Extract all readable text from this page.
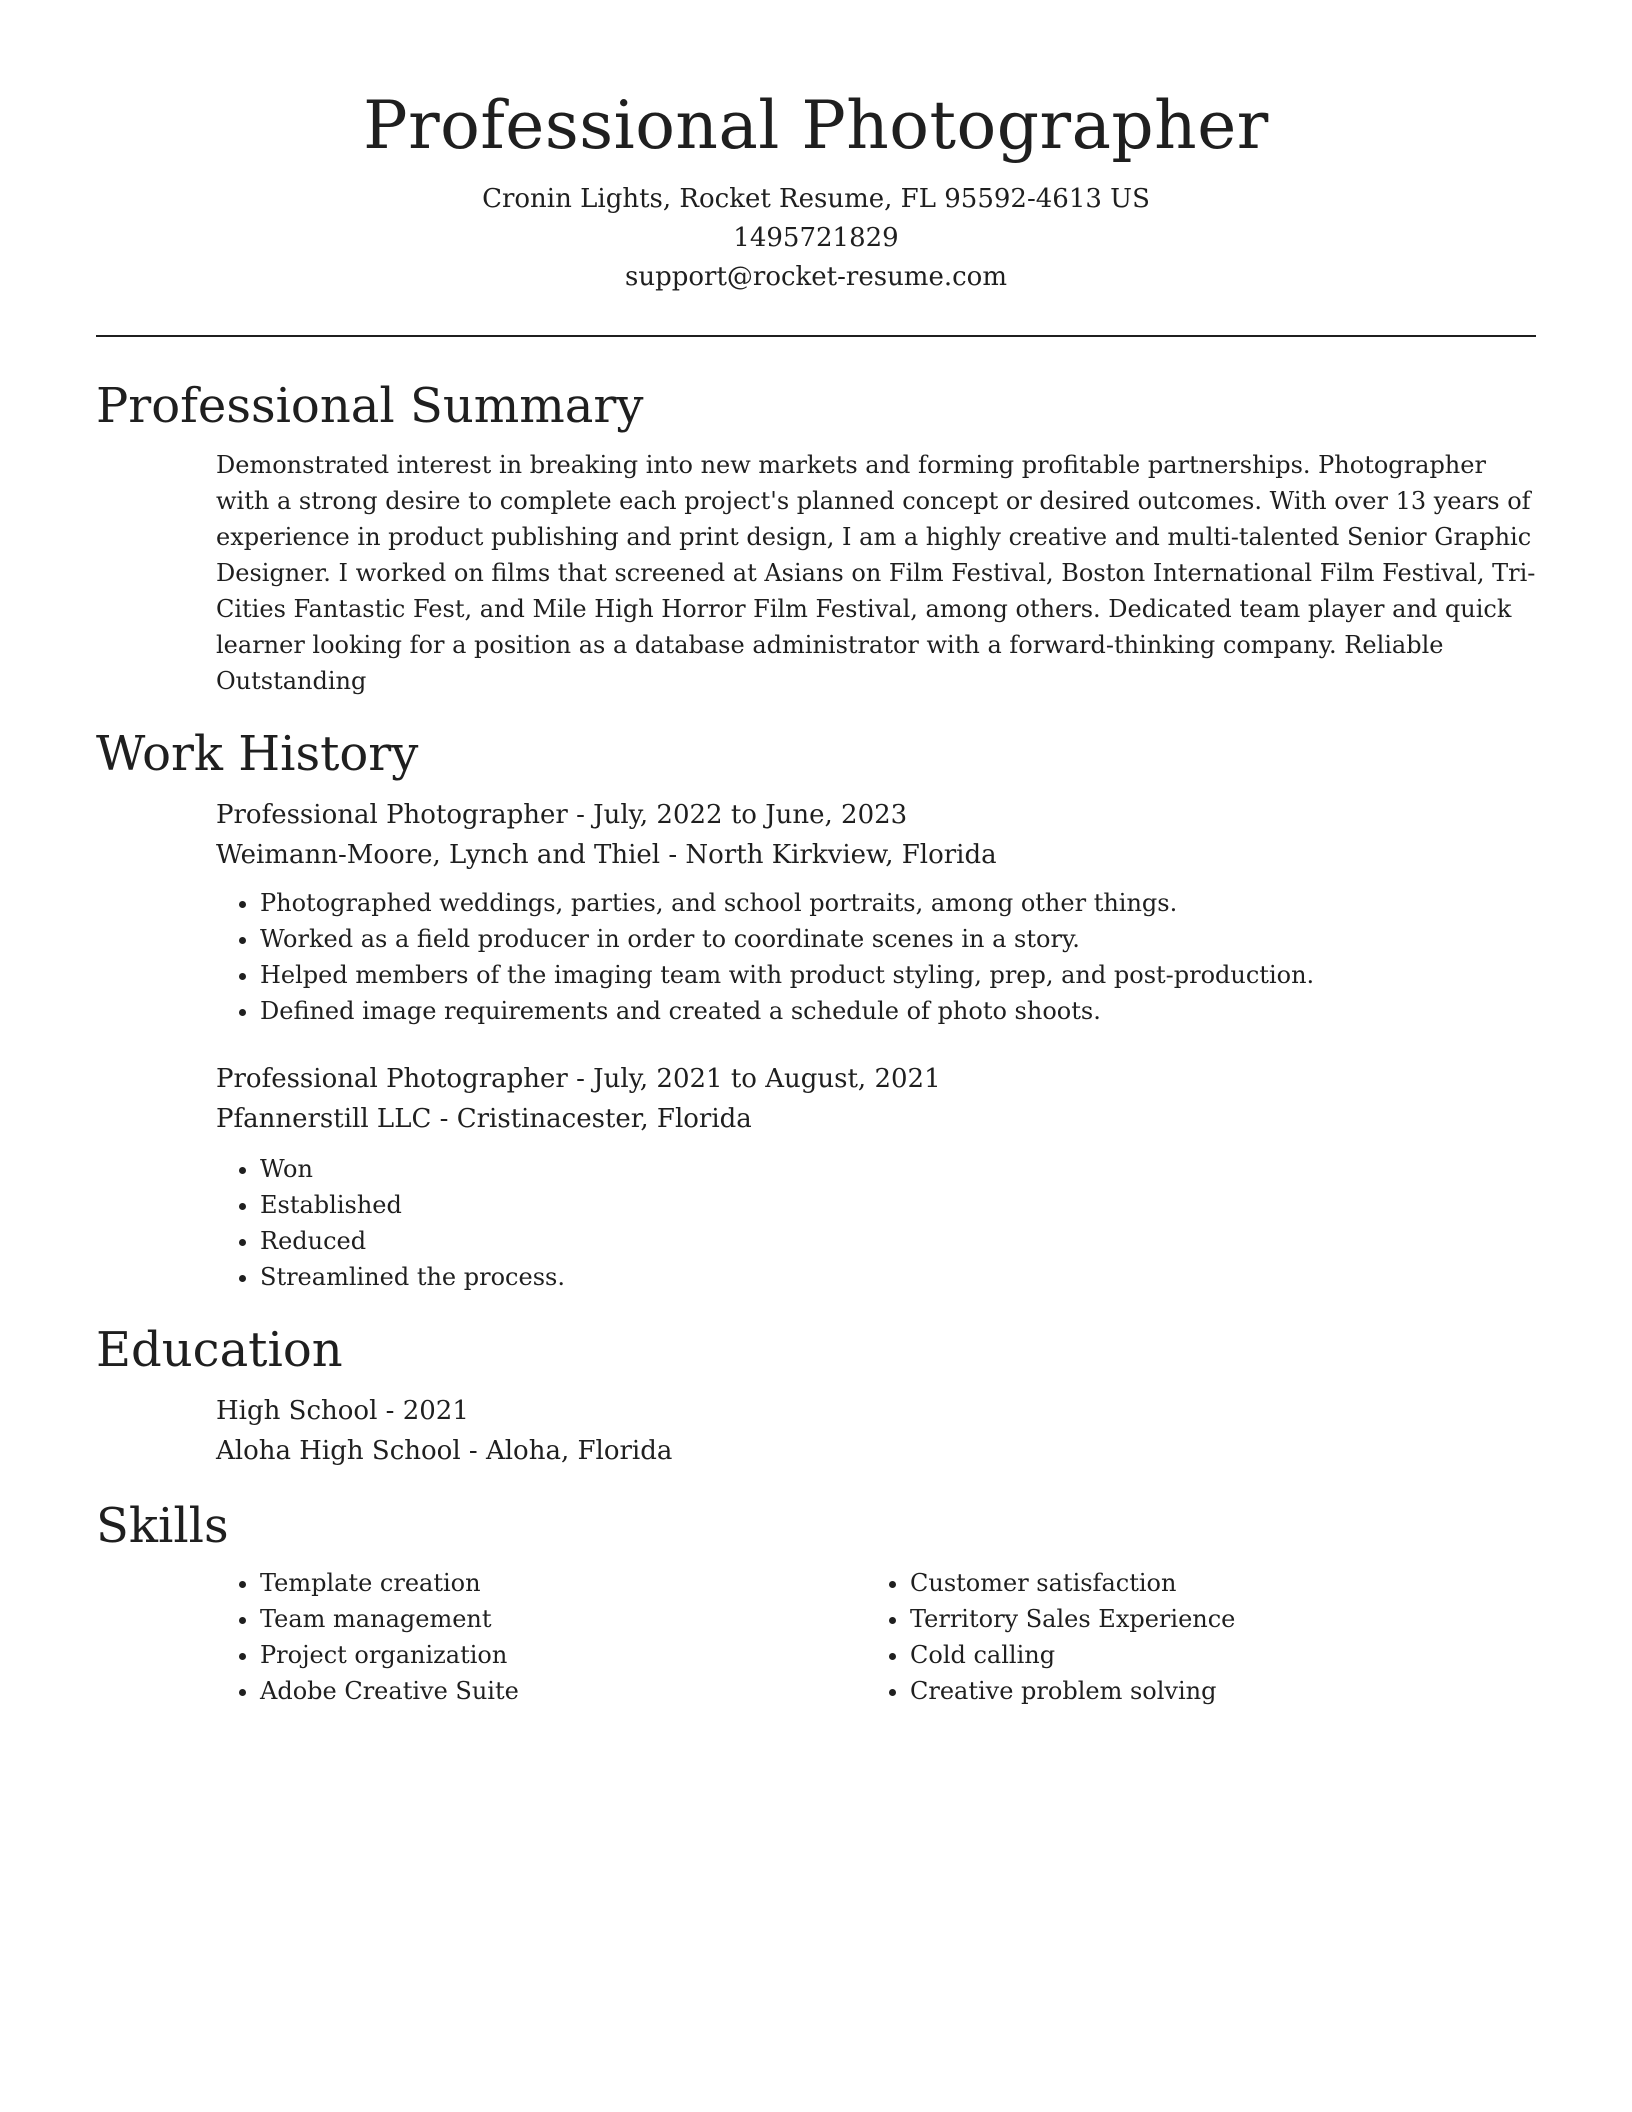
Professional Photographer

Cronin Lights, Rocket Resume, FL 95592-4613 US

1495721829

support@rocket-resume.com

Professional Summary

Demonstrated interest in breaking into new markets and forming profitable partnerships. Photographer with a strong desire to complete each project's planned concept or desired outcomes. With over 13 years of experience in product publishing and print design, I am a highly creative and multi-talented Senior Graphic Designer. I worked on films that screened at Asians on Film Festival, Boston International Film Festival, Tri-Cities Fantastic Fest, and Mile High Horror Film Festival, among others. Dedicated team player and quick learner looking for a position as a database administrator with a forward-thinking company. Reliable Outstanding

Work History

Professional Photographer - July, 2022 to June, 2023

Weimann-Moore, Lynch and Thiel - North Kirkview, Florida

• Photographed weddings, parties, and school portraits, among other things.
• Worked as a field producer in order to coordinate scenes in a story.
• Helped members of the imaging team with product styling, prep, and post-production.
• Defined image requirements and created a schedule of photo shoots.

Professional Photographer - July, 2021 to August, 2021

Pfannerstill LLC - Cristinacester, Florida

• Won
• Established
• Reduced
• Streamlined the process.
Education

High School - 2021

Aloha High School - Aloha, Florida

Skills
• Template creation
• Team management
• Project organization
• Adobe Creative Suite
• Customer satisfaction
• Territory Sales Experience
• Cold calling
• Creative problem solving
